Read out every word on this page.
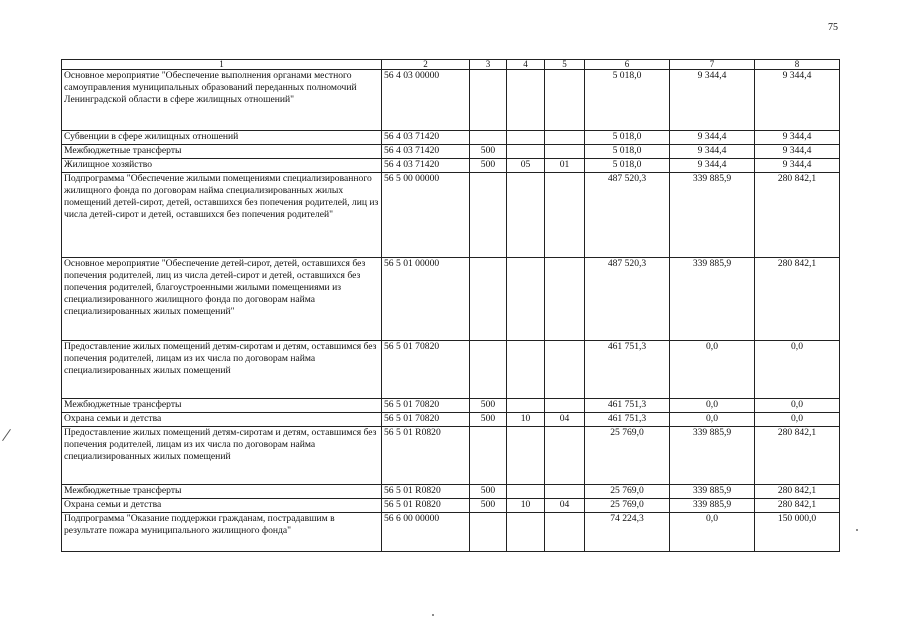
75
1	2	3	4	5	6	7	8
Основное мероприятие "Обеспечение выполнения органами местного самоуправления муниципальных образований переданных полномочий Ленинградской области в сфере жилищных отношений"	56 4 03 00000				5 018,0	9 344,4	9 344,4
Субвенции в сфере жилищных отношений	56 4 03 71420				5 018,0	9 344,4	9 344,4
Межбюджетные трансферты	56 4 03 71420	500			5 018,0	9 344,4	9 344,4
Жилищное хозяйство	56 4 03 71420	500	05	01	5 018,0	9 344,4	9 344,4
Подпрограмма "Обеспечение жилыми помещениями специализированного жилищного фонда по договорам найма специализированных жилых помещений детей-сирот, детей, оставшихся без попечения родителей, лиц из числа детей-сирот и детей, оставшихся без попечения родителей"	56 5 00 00000				487 520,3	339 885,9	280 842,1
Основное мероприятие "Обеспечение детей-сирот, детей, оставшихся без попечения родителей, лиц из числа детей-сирот и детей, оставшихся без попечения родителей, благоустроенными жилыми помещениями из специализированного жилищного фонда по договорам найма специализированных жилых помещений"	56 5 01 00000				487 520,3	339 885,9	280 842,1
Предоставление жилых помещений детям-сиротам и детям, оставшимся без попечения родителей, лицам из их числа по договорам найма специализированных жилых помещений	56 5 01 70820				461 751,3	0,0	0,0
Межбюджетные трансферты	56 5 01 70820	500			461 751,3	0,0	0,0
Охрана семьи и детства	56 5 01 70820	500	10	04	461 751,3	0,0	0,0
Предоставление жилых помещений детям-сиротам и детям, оставшимся без попечения родителей, лицам из их числа по договорам найма специализированных жилых помещений	56 5 01 R0820				25 769,0	339 885,9	280 842,1
Межбюджетные трансферты	56 5 01 R0820	500			25 769,0	339 885,9	280 842,1
Охрана семьи и детства	56 5 01 R0820	500	10	04	25 769,0	339 885,9	280 842,1
Подпрограмма "Оказание поддержки гражданам, пострадавшим в результате пожара муниципального жилищного фонда"	56 6 00 00000				74 224,3	0,0	150 000,0
